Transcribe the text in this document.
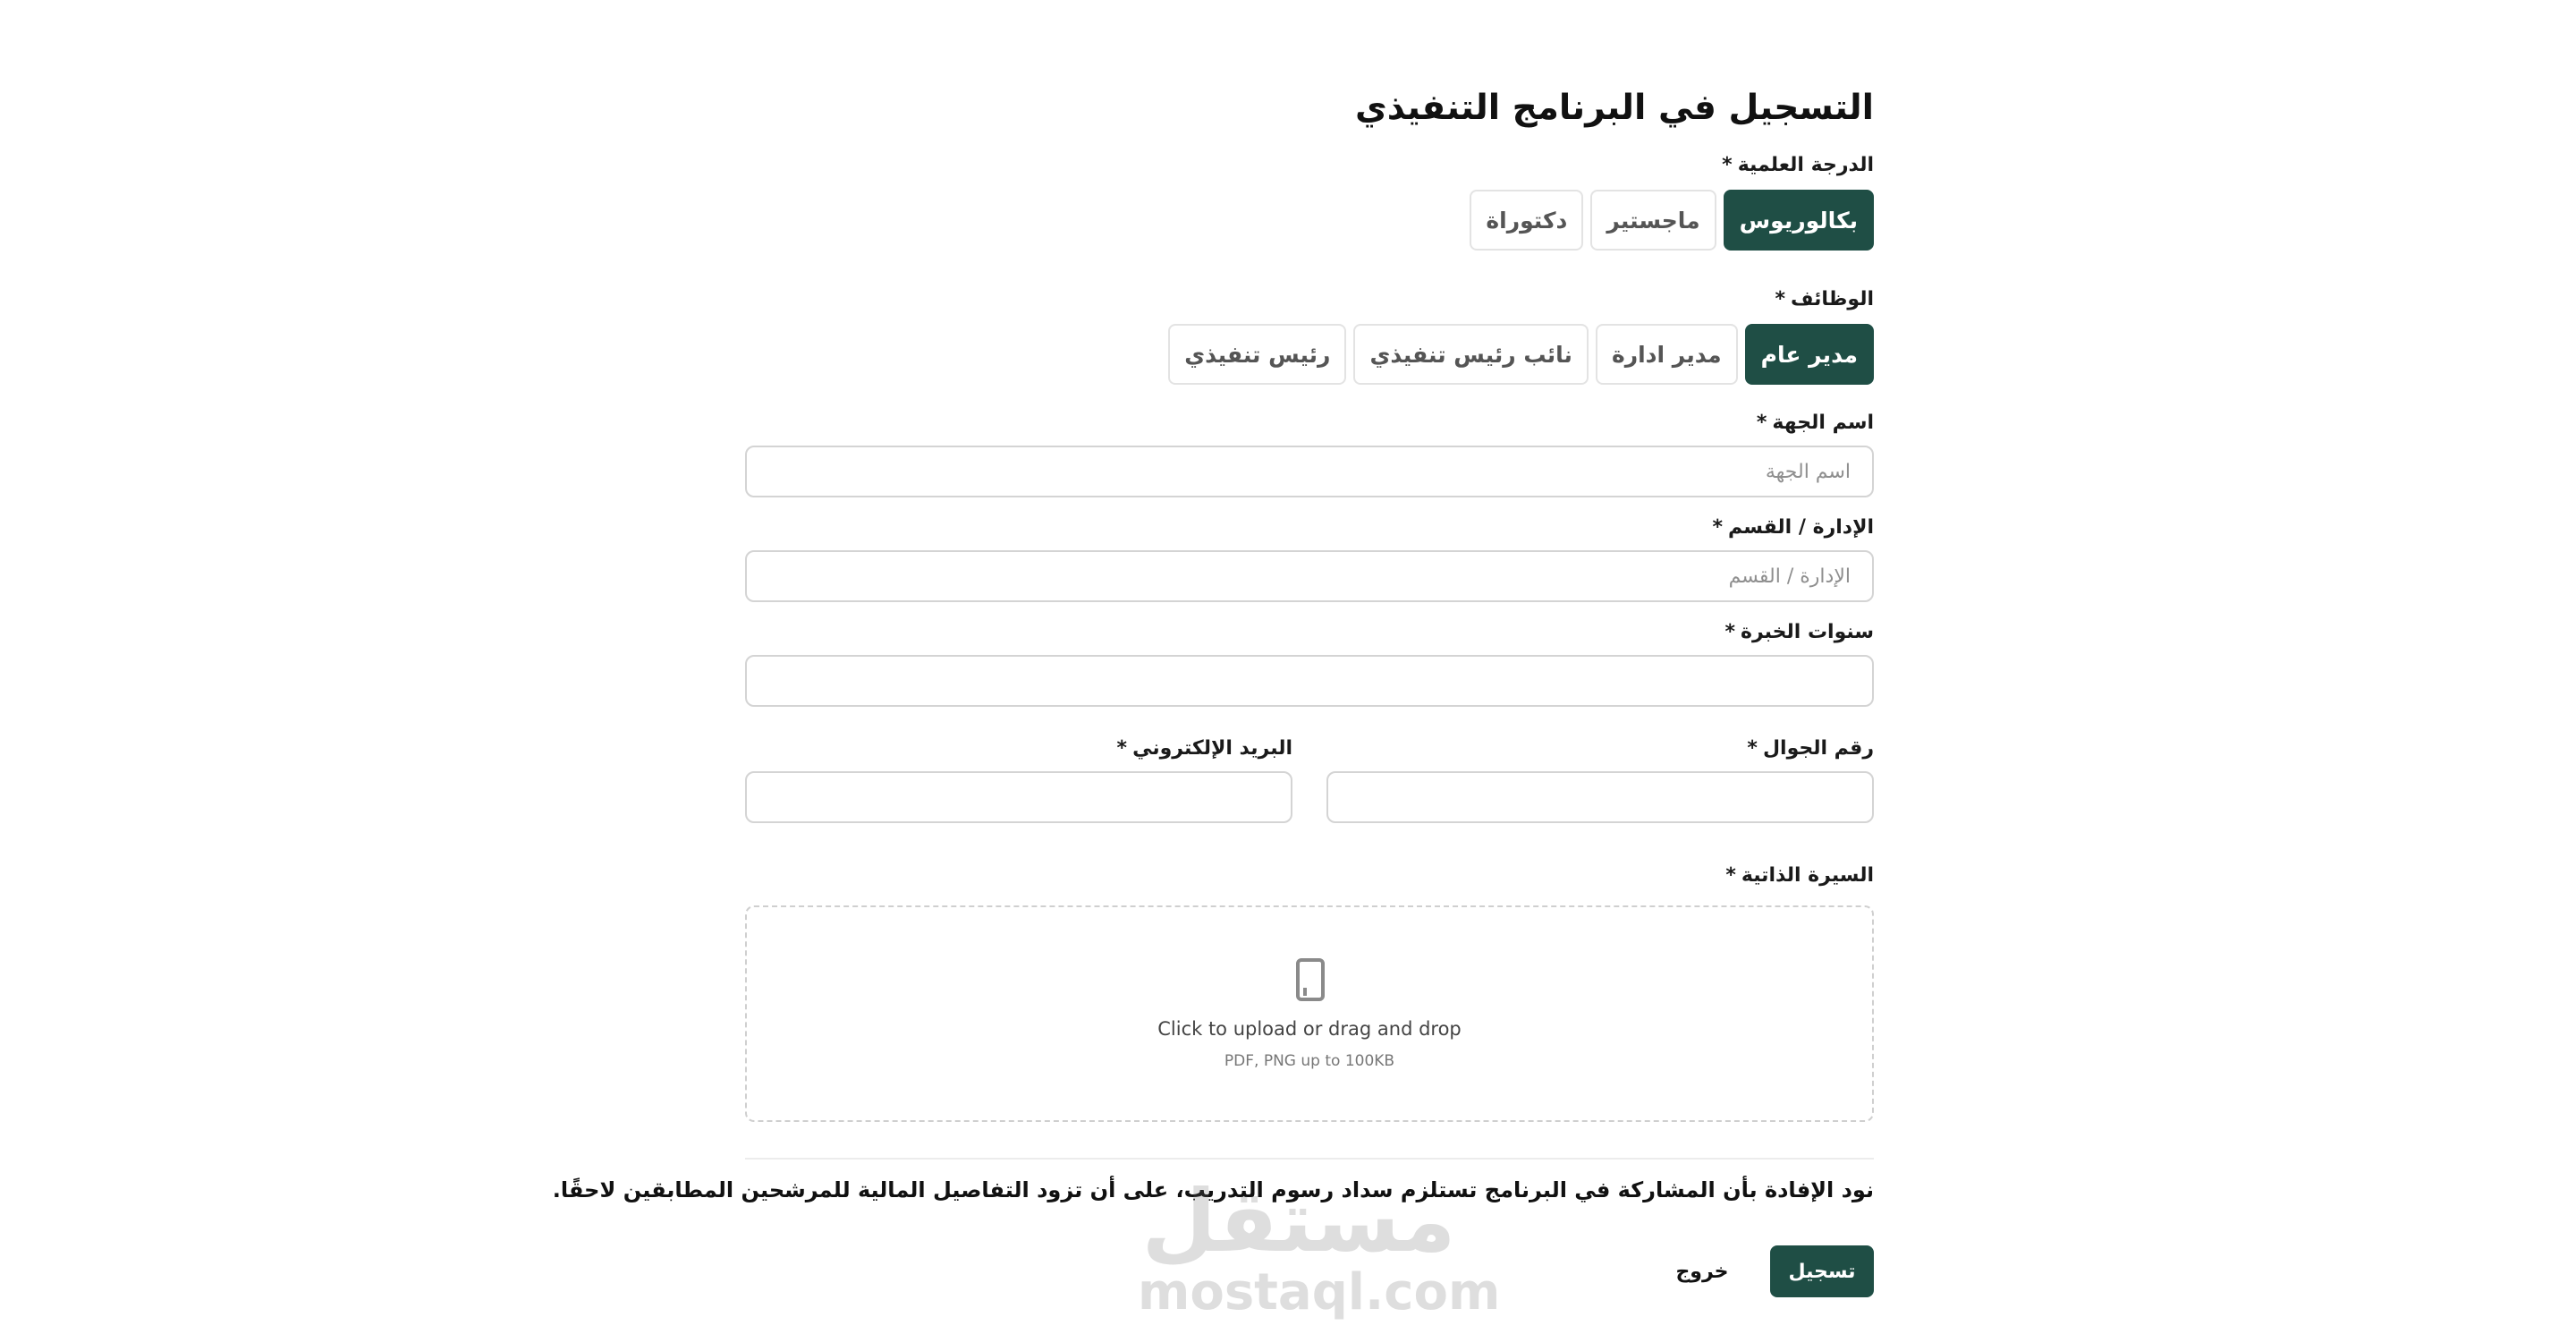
التسجيل في البرنامج التنفيذي
الدرجة العلمية*
بكالوريوس
ماجستير
دكتوراة
الوظائف*
مدير عام
مدير ادارة
نائب رئيس تنفيذي
رئيس تنفيذي
اسم الجهة*
اسم الجهة
الإدارة / القسم*
الإدارة / القسم
سنوات الخبرة*
رقم الجوال*
البريد الإلكتروني*
السيرة الذاتية*
Click to upload or drag and drop
PDF, PNG up to 100KB

نود الإفادة بأن المشاركة في البرنامج تستلزم سداد رسوم التدريب، على أن تزود التفاصيل المالية للمرشحين المطابقين لاحقًا.

تسجيل
خروج
مستقل
mostaql.com
